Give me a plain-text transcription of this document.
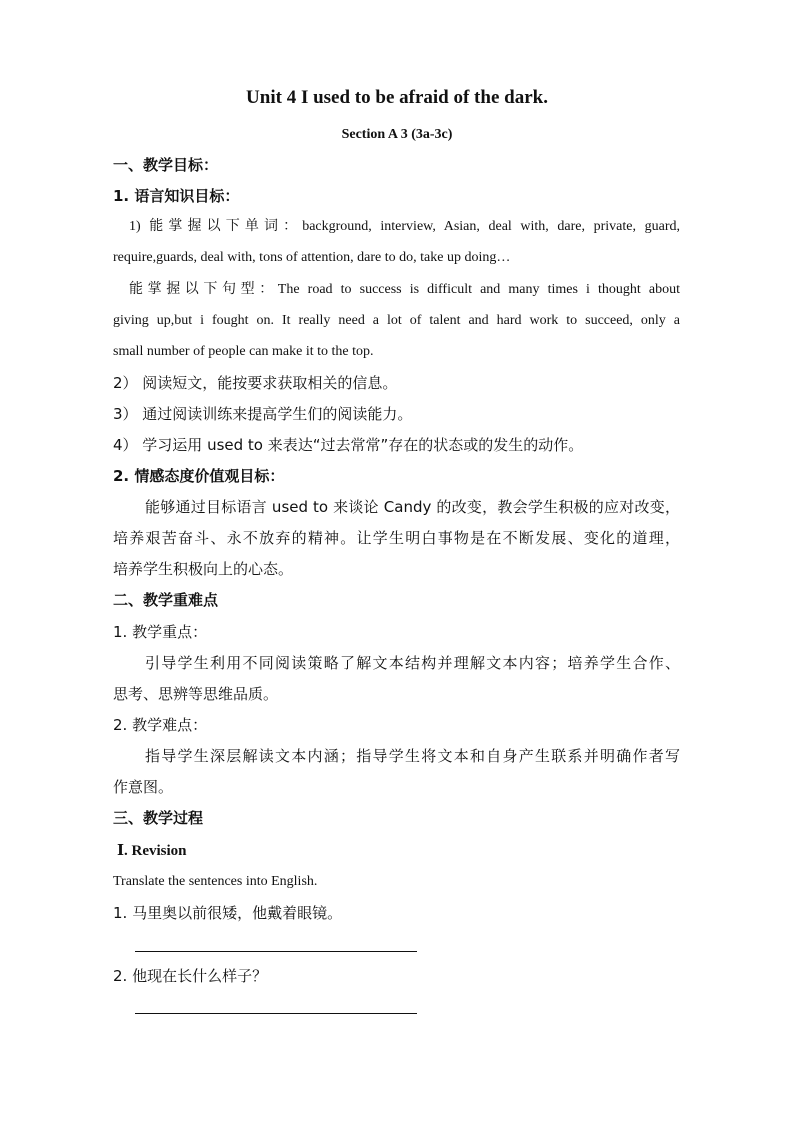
Unit 4 I used to be afraid of the dark.
Section A 3 (3a-3c)
一、教学目标：
1. 语言知识目标：
1) 能掌握以下单词：background, interview, Asian, deal with, dare, private, guard,
require,guards, deal with, tons of attention, dare to do, take up doing…
能掌握以下句型：The road to success is difficult and many times i thought about
giving up,but i fought on. It really need a lot of talent and hard work to succeed, only a
small number of people can make it to the top.
2） 阅读短文，能按要求获取相关的信息。
3） 通过阅读训练来提高学生们的阅读能力。
4） 学习运用 used to 来表达“过去常常”存在的状态或的发生的动作。
2. 情感态度价值观目标：
能够通过目标语言 used to 来谈论 Candy 的改变，教会学生积极的应对改变，
培养艰苦奋斗、永不放弃的精神。让学生明白事物是在不断发展、变化的道理，
培养学生积极向上的心态。
二、教学重难点
1. 教学重点：
引导学生利用不同阅读策略了解文本结构并理解文本内容；培养学生合作、
思考、思辨等思维品质。
2. 教学难点：
指导学生深层解读文本内涵；指导学生将文本和自身产生联系并明确作者写
作意图。
三、教学过程
Ⅰ. Revision
Translate the sentences into English.
1. 马里奥以前很矮，他戴着眼镜。
2. 他现在长什么样子？
